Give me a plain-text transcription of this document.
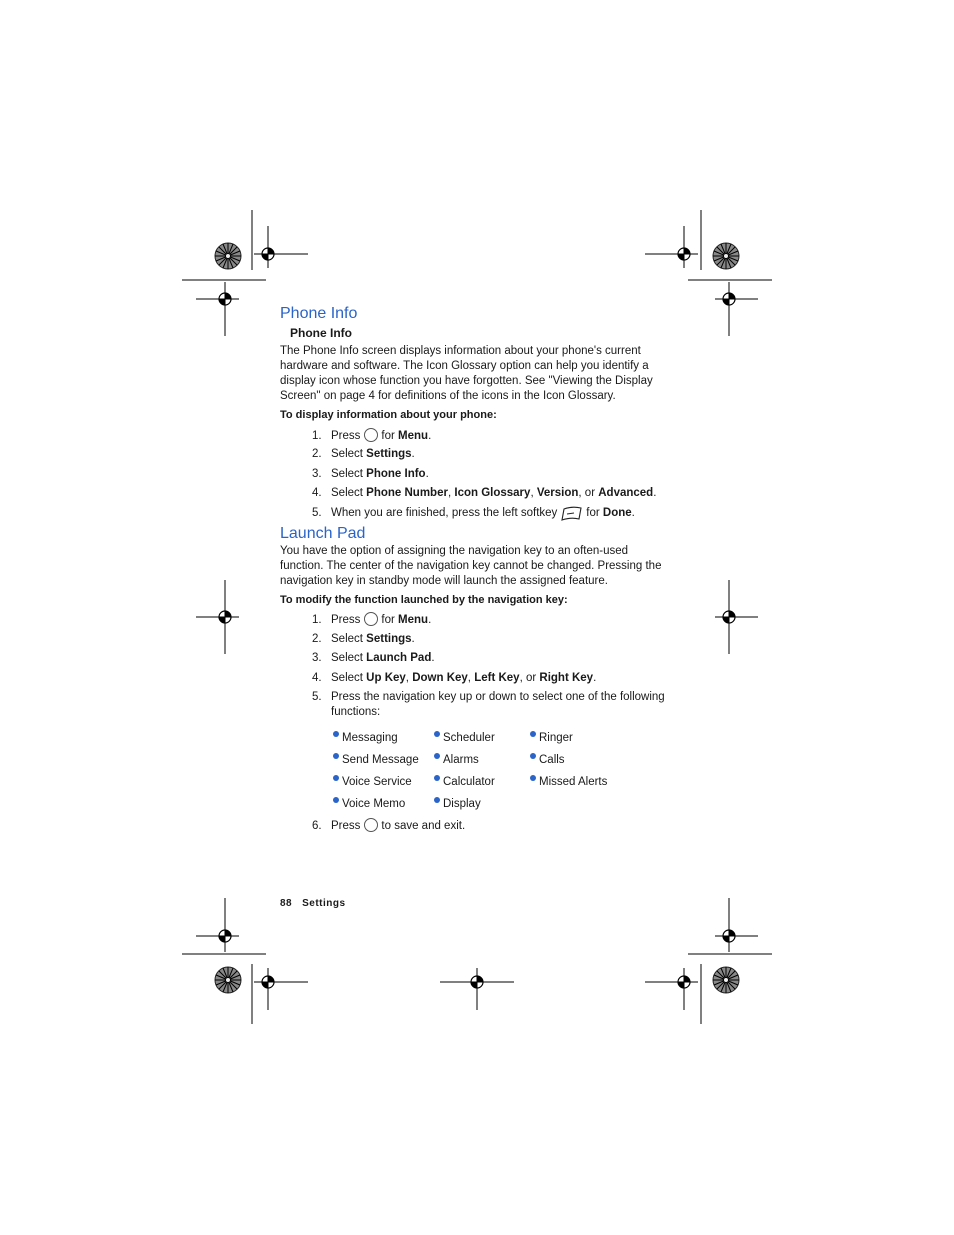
Phone Info
Phone Info
The Phone Info screen displays information about your phone's current hardware and software. The Icon Glossary option can help you identify a display icon whose function you have forgotten. See "Viewing the Display Screen" on page 4 for definitions of the icons in the Icon Glossary.
To display information about your phone:
1. Press for Menu.
2. Select Settings.
3. Select Phone Info.
4. Select Phone Number, Icon Glossary, Version, or Advanced.
5. When you are finished, press the left softkey	for Done.
Launch Pad
You have the option of assigning the navigation key to an often-used function. The center of the navigation key cannot be changed. Pressing the navigation key in standby mode will launch the assigned feature.
To modify the function launched by the navigation key:
1. Press for Menu.
2. Select Settings.
3. Select Launch Pad.
4. Select Up Key, Down Key, Left Key, or Right Key.
5. Press the navigation key up or down to select one of the following
functions:
Messaging
Send Message
Voice Service
Voice Memo
Scheduler
Alarms
Calculator
Display
Ringer
Calls
Missed Alerts
6. Press to save and exit.
88 Settings
